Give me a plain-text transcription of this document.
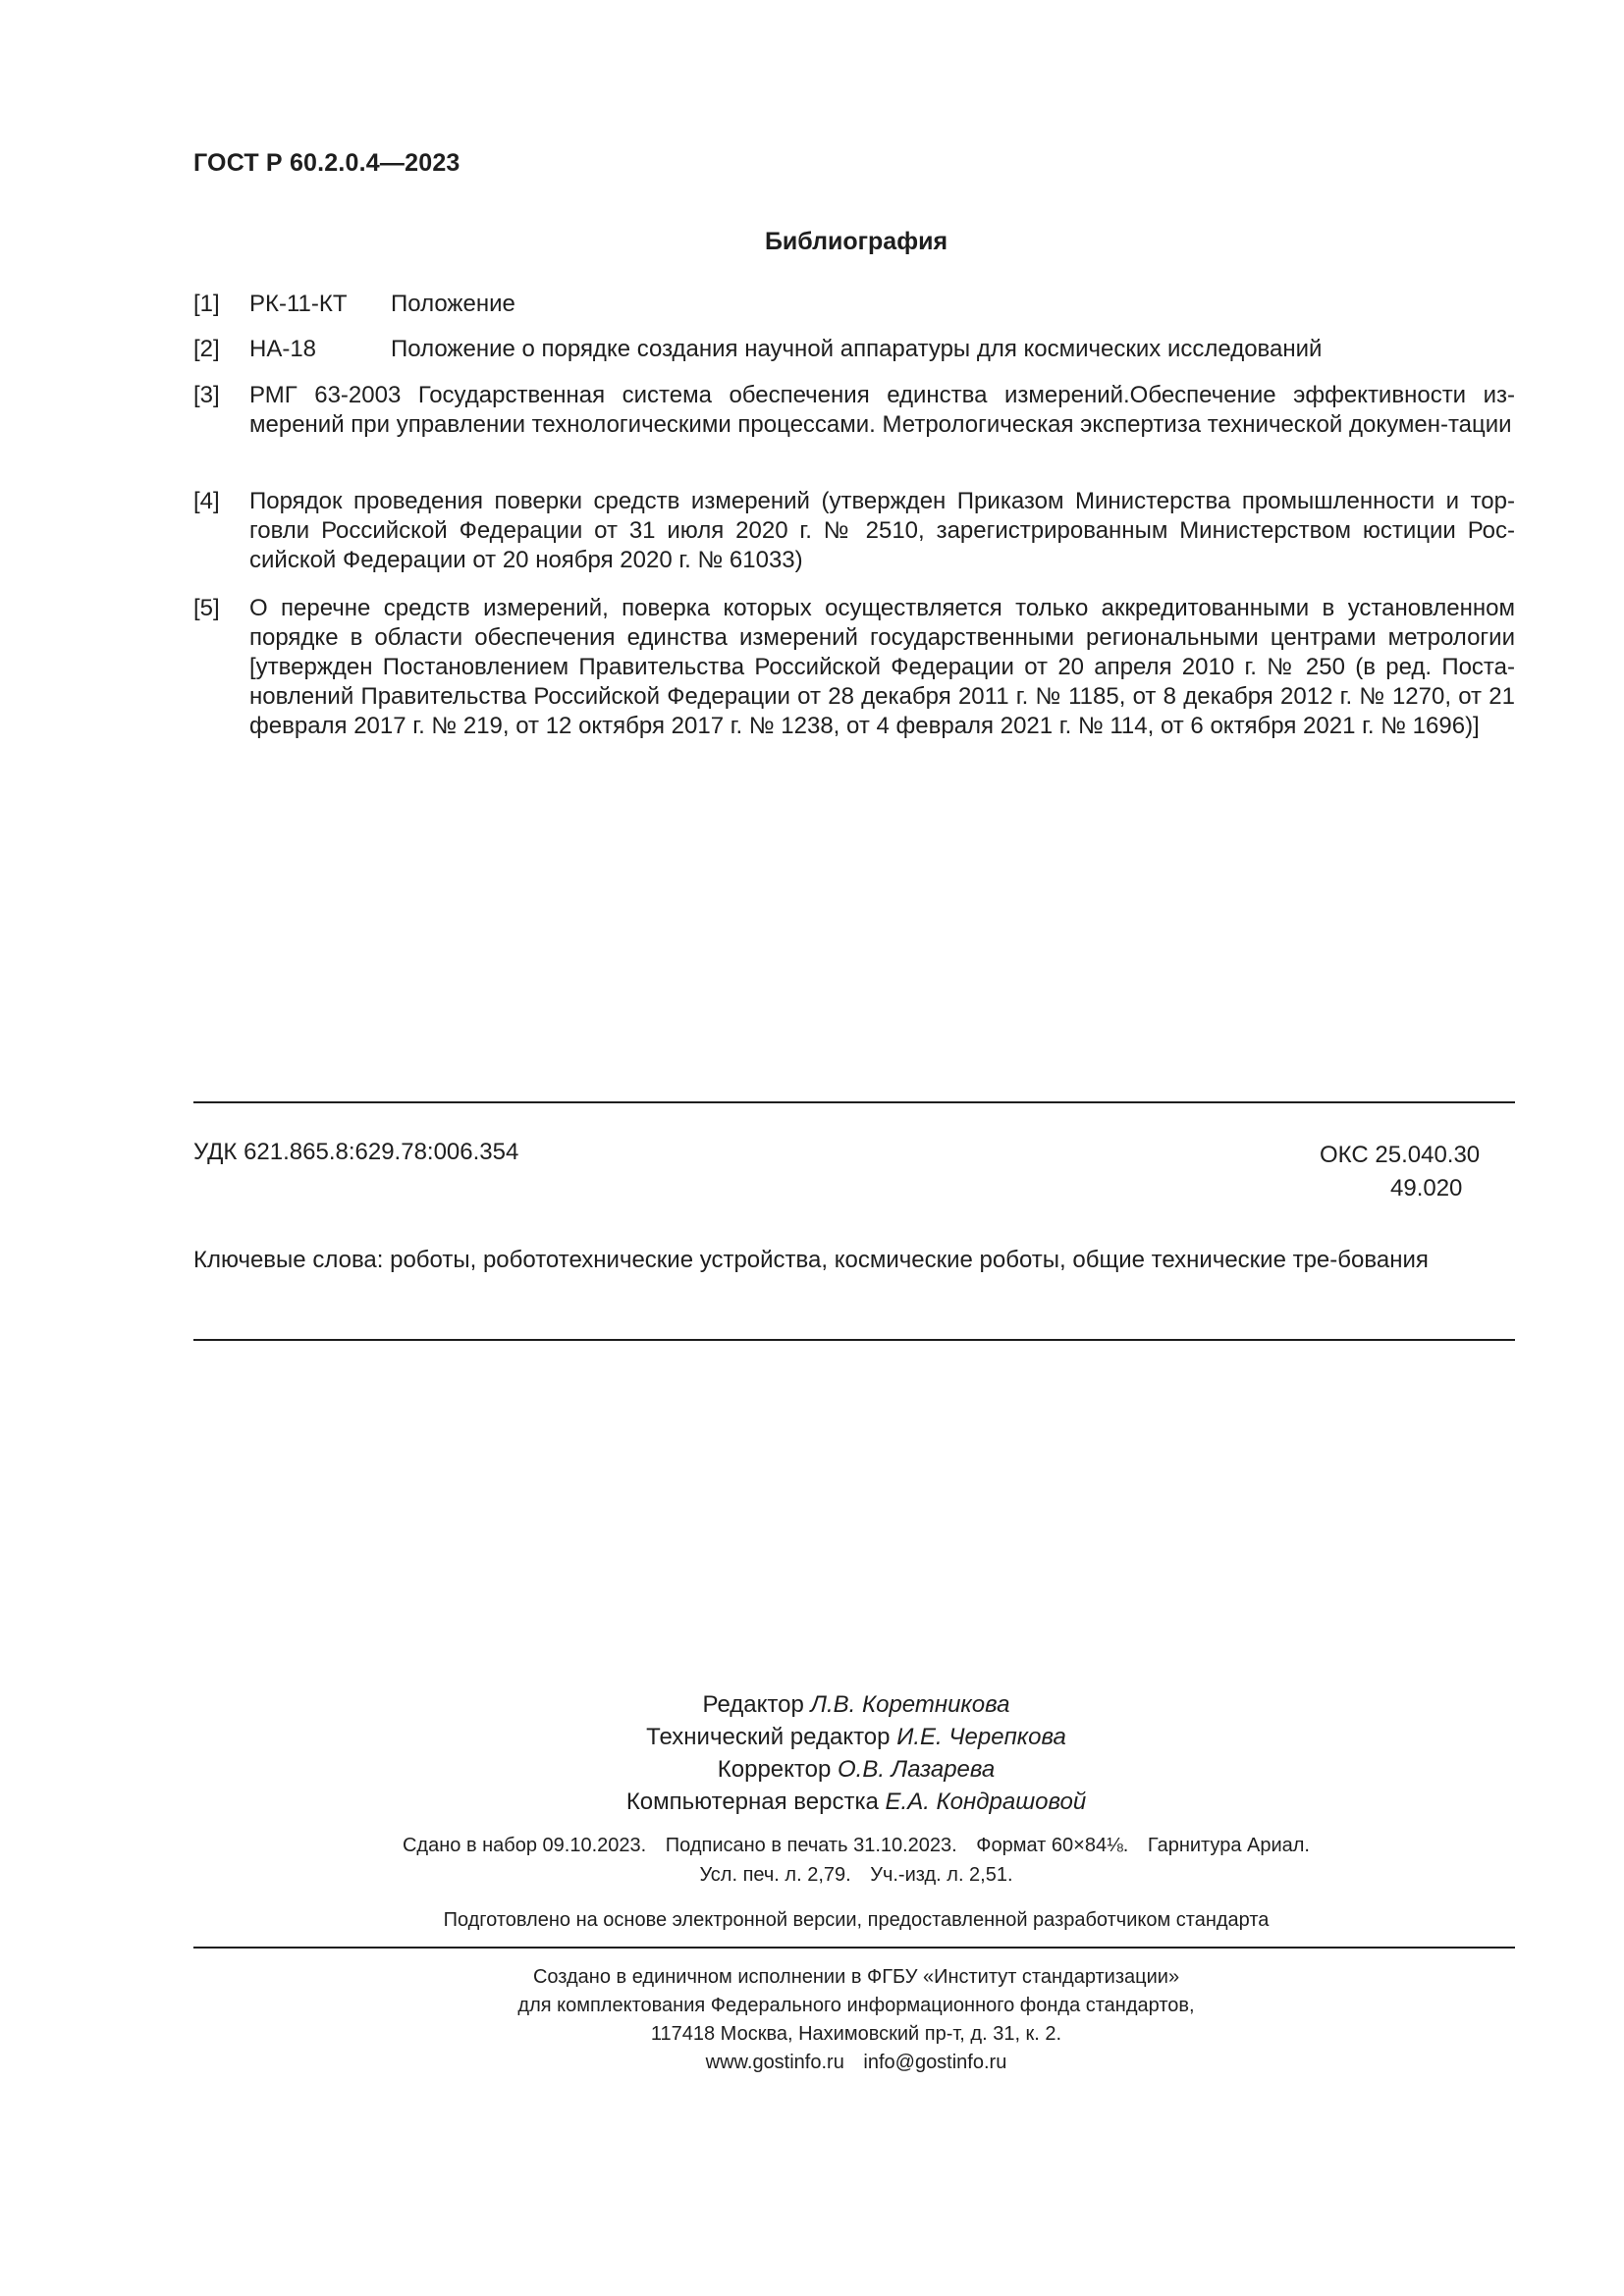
ГОСТ Р 60.2.0.4—2023
Библиография
[1] РК-11-КТ Положение
[2] НА-18	Положение о порядке создания научной аппаратуры для космических исследований
[3] РМГ 63-2003 Государственная система обеспечения единства измерений.Обеспечение эффективности из-мерений при управлении технологическими процессами. Метрологическая экспертиза технической докумен-тации
[4] Порядок проведения поверки средств измерений (утвержден Приказом Министерства промышленности и тор-говли Российской Федерации от 31 июля 2020 г. № 2510, зарегистрированным Министерством юстиции Рос-сийской Федерации от 20 ноября 2020 г. № 61033)
[5] О перечне средств измерений, поверка которых осуществляется только аккредитованными в установленном порядке в области обеспечения единства измерений государственными региональными центрами метрологии [утвержден Постановлением Правительства Российской Федерации от 20 апреля 2010 г. № 250 (в ред. Поста-новлений Правительства Российской Федерации от 28 декабря 2011 г. № 1185, от 8 декабря 2012 г. № 1270, от 21 февраля 2017 г. № 219, от 12 октября 2017 г. № 1238, от 4 февраля 2021 г. № 114, от 6 октября 2021 г. № 1696)]
УДК 621.865.8:629.78:006.354	ОКС 25.040.30
49.020
Ключевые слова: роботы, робототехнические устройства, космические роботы, общие технические тре-бования
Редактор Л.В. Коретникова
Технический редактор И.Е. Черепкова
Корректор О.В. Лазарева
Компьютерная верстка Е.А. Кондрашовой
Сдано в набор 09.10.2023. Подписано в печать 31.10.2023. Формат 60×84⅛. Гарнитура Ариал.
Усл. печ. л. 2,79. Уч.-изд. л. 2,51.
Подготовлено на основе электронной версии, предоставленной разработчиком стандарта
Создано в единичном исполнении в ФГБУ «Институт стандартизации»
для комплектования Федерального информационного фонда стандартов,
117418 Москва, Нахимовский пр-т, д. 31, к. 2.
www.gostinfo.ru info@gostinfo.ru
